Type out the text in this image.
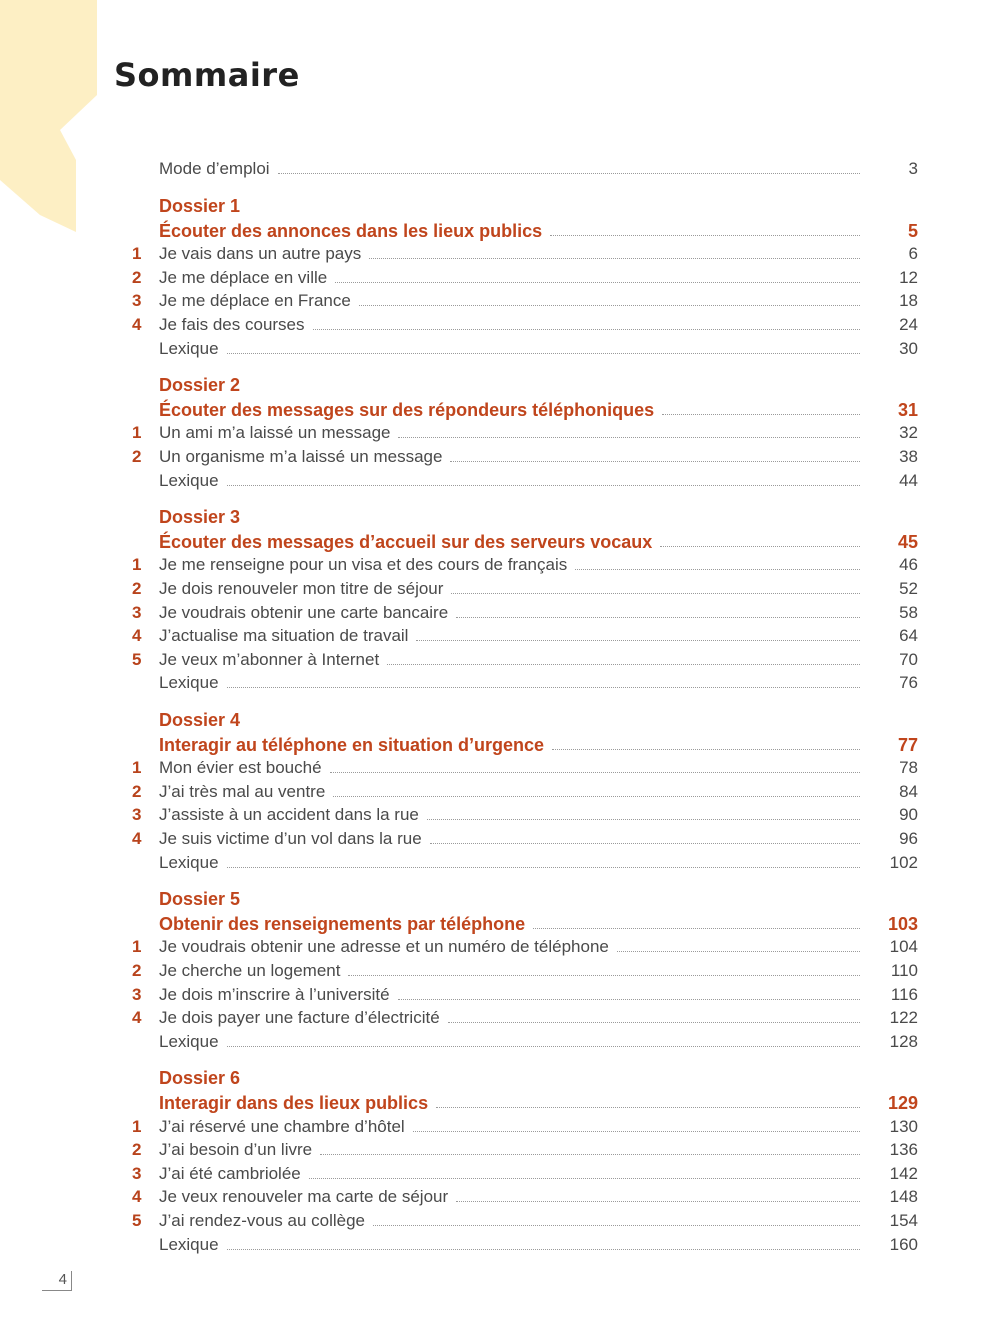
Sommaire
Mode d’emploi	3
Dossier 1
Écouter des annonces dans les lieux publics	5
1	Je vais dans un autre pays	6
2	Je me déplace en ville	12
3	Je me déplace en France	18
4	Je fais des courses	24
Lexique	30
Dossier 2
Écouter des messages sur des répondeurs téléphoniques	31
1	Un ami m’a laissé un message	32
2	Un organisme m’a laissé un message	38
Lexique	44
Dossier 3
Écouter des messages d’accueil sur des serveurs vocaux	45
1	Je me renseigne pour un visa et des cours de français	46
2	Je dois renouveler mon titre de séjour	52
3	Je voudrais obtenir une carte bancaire	58
4	J’actualise ma situation de travail	64
5	Je veux m’abonner à Internet	70
Lexique	76
Dossier 4
Interagir au téléphone en situation d’urgence	77
1	Mon évier est bouché	78
2	J’ai très mal au ventre	84
3	J’assiste à un accident dans la rue	90
4	Je suis victime d’un vol dans la rue	96
Lexique	102
Dossier 5
Obtenir des renseignements par téléphone	103
1	Je voudrais obtenir une adresse et un numéro de téléphone	104
2	Je cherche un logement	110
3	Je dois m’inscrire à l’université	116
4	Je dois payer une facture d’électricité	122
Lexique	128
Dossier 6
Interagir dans des lieux publics	129
1	J’ai réservé une chambre d’hôtel	130
2	J’ai besoin d’un livre	136
3	J’ai été cambriolée	142
4	Je veux renouveler ma carte de séjour	148
5	J’ai rendez-vous au collège	154
Lexique	160
4
